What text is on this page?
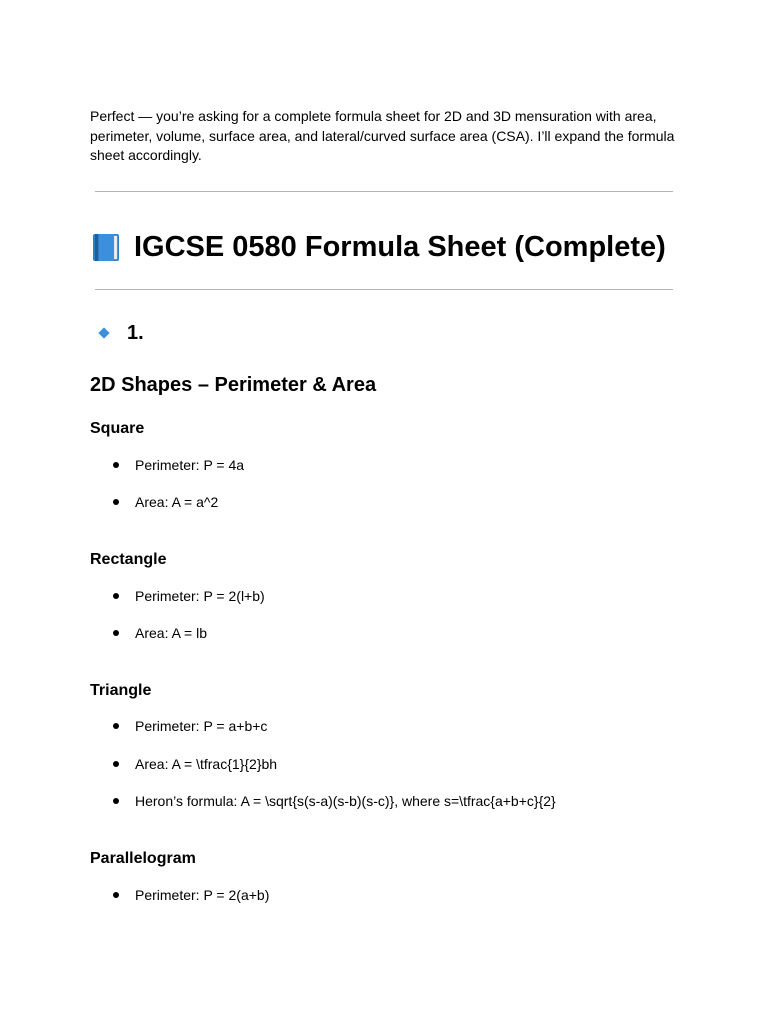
Perfect — you’re asking for a complete formula sheet for 2D and 3D mensuration with area, perimeter, volume, surface area, and lateral/curved surface area (CSA). I’ll expand the formula sheet accordingly.

IGCSE 0580 Formula Sheet (Complete)
1.
2D Shapes – Perimeter & Area
Square
Perimeter: P = 4a
Area: A = a^2
Rectangle
Perimeter: P = 2(l+b)
Area: A = lb
Triangle
Perimeter: P = a+b+c
Area: A = \tfrac{1}{2}bh
Heron’s formula: A = \sqrt{s(s-a)(s-b)(s-c)}, where s=\tfrac{a+b+c}{2}
Parallelogram
Perimeter: P = 2(a+b)
